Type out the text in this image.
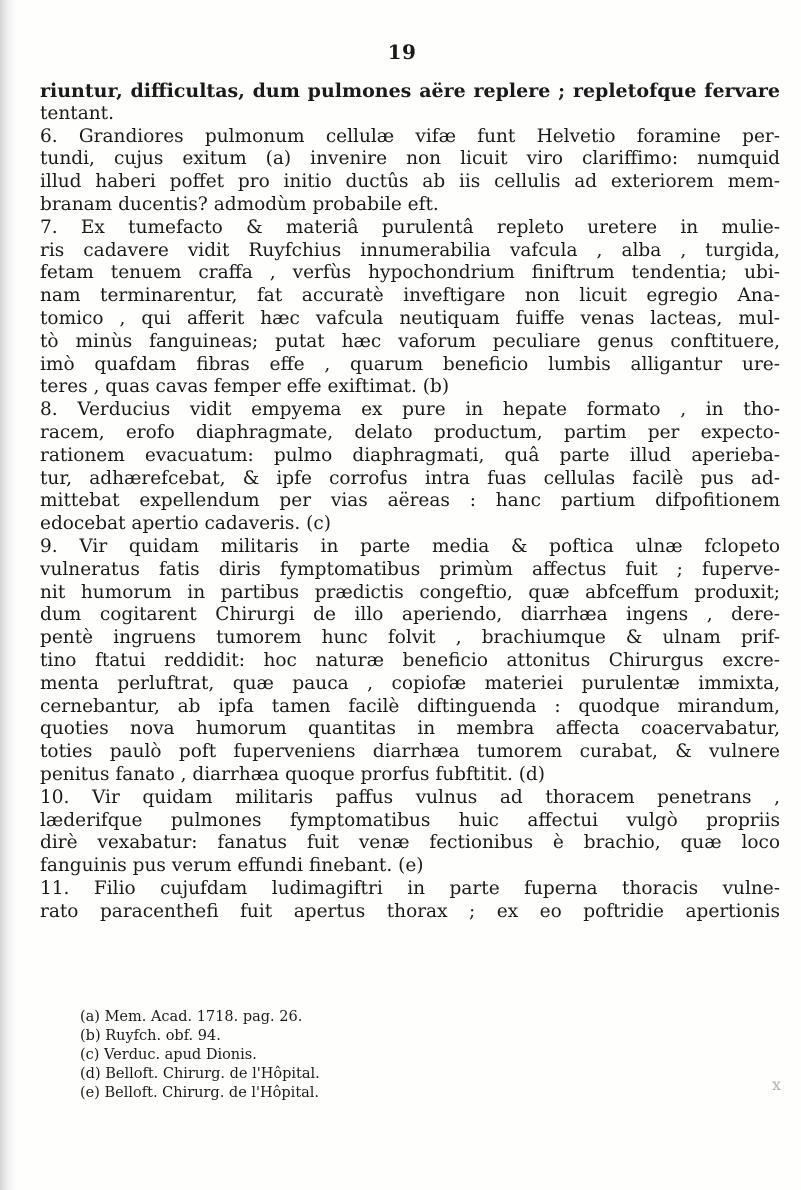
19

riuntur, difficultas, dum pulmones aëre replere ; repletofque fervare

tentant.

6. Grandiores pulmonum cellulæ vifæ funt Helvetio foramine per-

tundi, cujus exitum (a) invenire non licuit viro clariffimo: numquid

illud haberi poffet pro initio ductûs ab iis cellulis ad exteriorem mem-

branam ducentis? admodùm probabile eft.

7. Ex tumefacto & materiâ purulentâ repleto uretere in mulie-

ris cadavere vidit Ruyfchius innumerabilia vafcula , alba , turgida,

fetam tenuem craffa , verfùs hypochondrium finiftrum tendentia; ubi-

nam terminarentur, fat accuratè inveftigare non licuit egregio Ana-

tomico , qui afferit hæc vafcula neutiquam fuiffe venas lacteas, mul-

tò minùs fanguineas; putat hæc vaforum peculiare genus conftituere,

imò quafdam fibras effe , quarum beneficio lumbis alligantur ure-

teres , quas cavas femper effe exiftimat. (b)

8. Verducius vidit empyema ex pure in hepate formato , in tho-

racem, erofo diaphragmate, delato productum, partim per expecto-

rationem evacuatum: pulmo diaphragmati, quâ parte illud aperieba-

tur, adhærefcebat, & ipfe corrofus intra fuas cellulas facilè pus ad-

mittebat expellendum per vias aëreas : hanc partium difpofitionem

edocebat apertio cadaveris. (c)

9. Vir quidam militaris in parte media & poftica ulnæ fclopeto

vulneratus fatis diris fymptomatibus primùm affectus fuit ; fuperve-

nit humorum in partibus prædictis congeftio, quæ abfceffum produxit;

dum cogitarent Chirurgi de illo aperiendo, diarrhæa ingens , dere-

pentè ingruens tumorem hunc folvit , brachiumque & ulnam prif-

tino ftatui reddidit: hoc naturæ beneficio attonitus Chirurgus excre-

menta perluftrat, quæ pauca , copiofæ materiei purulentæ immixta,

cernebantur, ab ipfa tamen facilè diftinguenda : quodque mirandum,

quoties nova humorum quantitas in membra affecta coacervabatur,

toties paulò poft fuperveniens diarrhæa tumorem curabat, & vulnere

penitus fanato , diarrhæa quoque prorfus fubftitit. (d)

10. Vir quidam militaris paffus vulnus ad thoracem penetrans ,

læderifque pulmones fymptomatibus huic affectui vulgò propriis

dirè vexabatur: fanatus fuit venæ fectionibus è brachio, quæ loco

fanguinis pus verum effundi finebant. (e)

11. Filio cujufdam ludimagiftri in parte fuperna thoracis vulne-

rato paracenthefi fuit apertus thorax ; ex eo poftridie apertionis

(a) Mem. Acad. 1718. pag. 26.

(b) Ruyfch. obf. 94.

(c) Verduc. apud Dionis.

(d) Belloft. Chirurg. de l'Hôpital.

(e) Belloft. Chirurg. de l'Hôpital.	x
